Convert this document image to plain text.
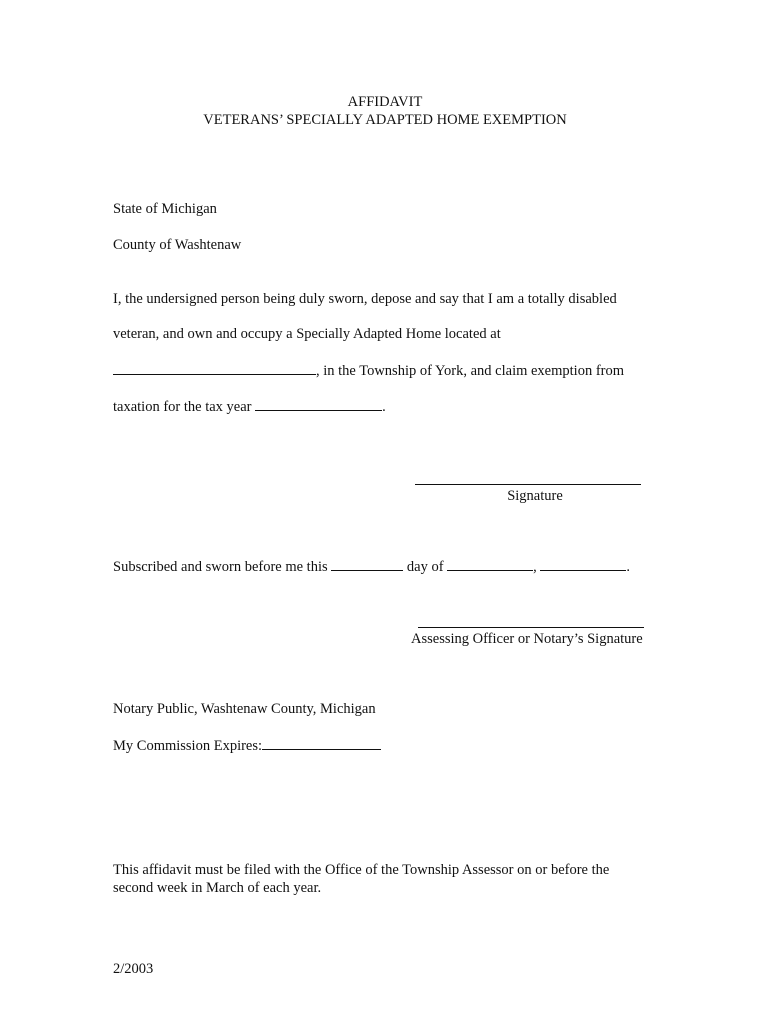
AFFIDAVIT
VETERANS’ SPECIALLY ADAPTED HOME EXEMPTION
State of Michigan
County of Washtenaw
I, the undersigned person being duly sworn, depose and say that I am a totally disabled
veteran, and own and occupy a Specially Adapted Home located at
, in the Township of York, and claim exemption from
taxation for the tax year	.
Signature
Subscribed and sworn before me this	day of	,	.
Assessing Officer or Notary’s Signature
Notary Public, Washtenaw County, Michigan
My Commission Expires:
This affidavit must be filed with the Office of the Township Assessor on or before the
second week in March of each year.
2/2003
